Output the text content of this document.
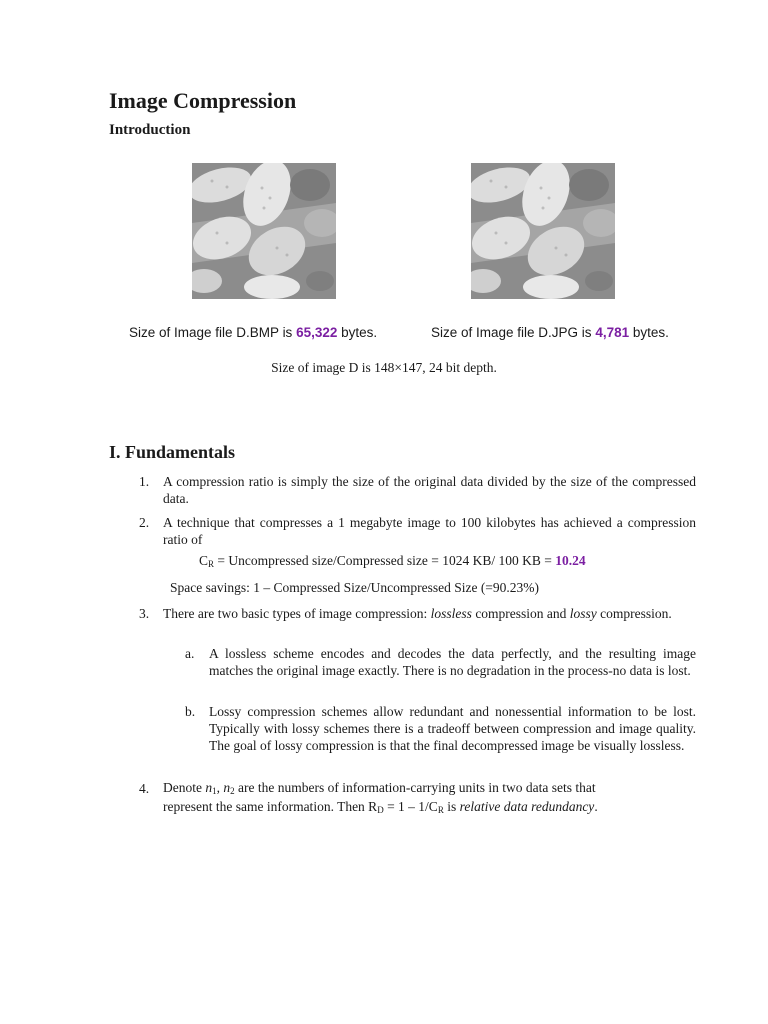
Image Compression
Introduction
Size of Image file D.BMP is 65,322 bytes.	Size of Image file D.JPG is 4,781 bytes.
Size of image D is 148×147, 24 bit depth.
I. Fundamentals
1. A compression ratio is simply the size of the original data divided by the size of the compressed data.
2. A technique that compresses a 1 megabyte image to 100 kilobytes has achieved a compression ratio of
$C_R$ = Uncompressed size/Compressed size = 1024 KB/ 100 KB = 10.24
Space savings: 1 – Compressed Size/Uncompressed Size (=90.23%)
3. There are two basic types of image compression: lossless compression and lossy compression.
a. A lossless scheme encodes and decodes the data perfectly, and the resulting image matches the original image exactly. There is no degradation in the process-no data is lost.
b. Lossy compression schemes allow redundant and nonessential information to be lost. Typically with lossy schemes there is a tradeoff between compression and image quality. The goal of lossy compression is that the final decompressed image be visually lossless.
4. Denote $n_1$, $n_2$ are the numbers of information-carrying units in two data sets that
represent the same information. Then $R_D = 1 - 1/C_R$ is relative data redundancy.
